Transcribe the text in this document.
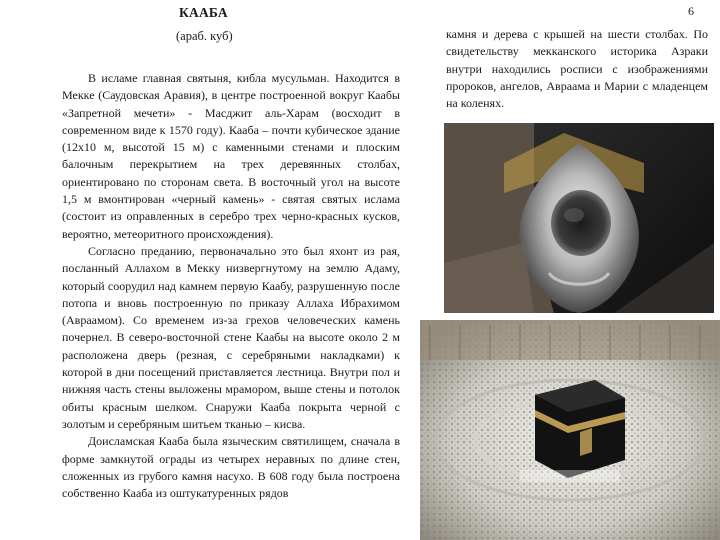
КААБА
(араб. куб)
6

В исламе главная святыня, кибла мусульман. Находится в Мекке (Саудовская Аравия), в центре построенной вокруг Каабы «Запретной мечети» - Масджит аль-Харам (восходит в современном виде к 1570 году). Кааба – почти кубическое здание (12х10 м, высотой 15 м) с каменными стенами и плоским балочным перекрытием на трех деревянных столбах, ориентировано по сторонам света. В восточный угол на высоте 1,5 м вмонтирован «черный камень» - святая святых ислама (состоит из оправленных в серебро трех черно-красных кусков, вероятно, метеоритного происхождения).

Согласно преданию, первоначально это был яхонт из рая, посланный Аллахом в Мекку низвергнутому на землю Адаму, который соорудил над камнем первую Каабу, разрушенную после потопа и вновь построенную по приказу Аллаха Ибрахимом (Авраамом). Со временем из-за грехов человеческих камень почернел. В северо-восточной стене Каабы на высоте около 2 м расположена дверь (резная, с серебряными накладками) к которой в дни посещений приставляется лестница. Внутри пол и нижняя часть стены выложены мрамором, выше стены и потолок обиты красным шелком. Снаружи Кааба покрыта черной с золотым и серебряным шитьем тканью – кисва.

Доисламская Кааба была языческим святилищем, сначала в форме замкнутой ограды из четырех неравных по длине стен, сложенных из грубого камня насухо. В 608 году была построена собственно Кааба из оштукатуренных рядов

камня и дерева с крышей на шести столбах. По свидетельству мекканского историка Азраки внутри находились росписи с изображениями пророков, ангелов, Авраама и Марии с младенцем на коленях.
